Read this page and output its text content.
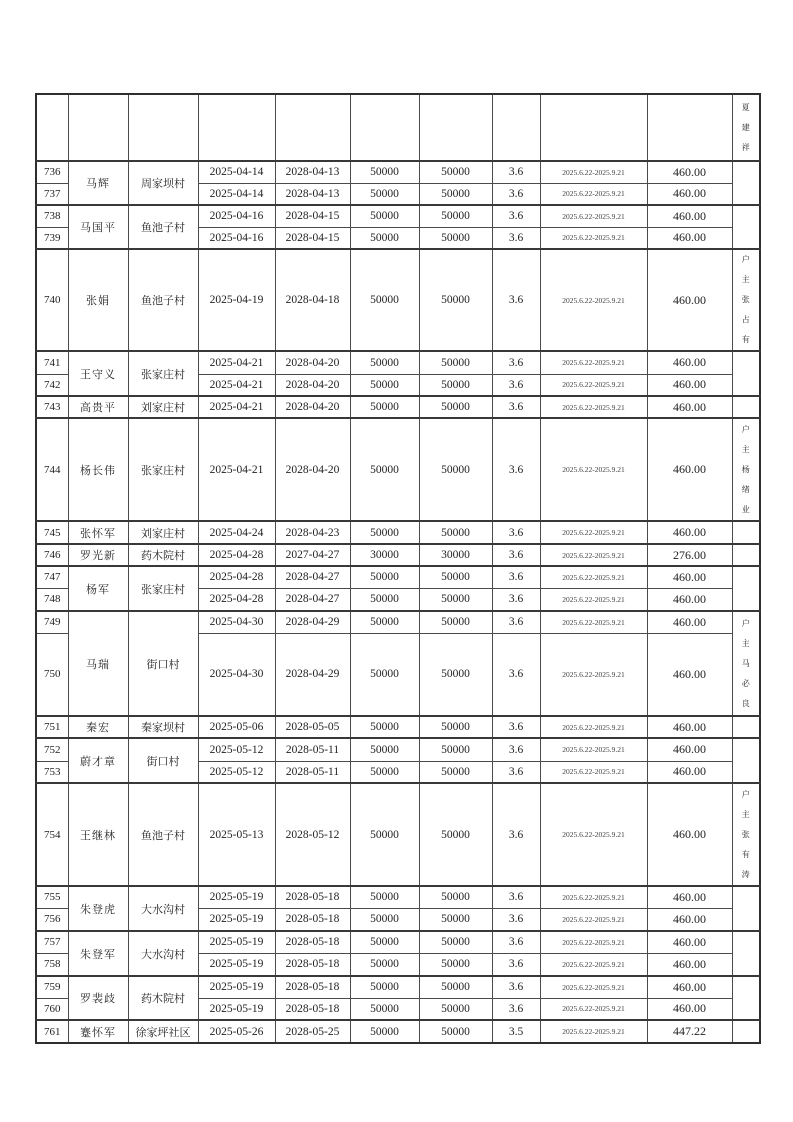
										夏
建
祥

736	马辉	周家坝村	2025-04-14	2028-04-13	50000	50000	3.6	2025.6.22-2025.9.21	460.00	
737			2025-04-14	2028-04-13	50000	50000	3.6	2025.6.22-2025.9.21	460.00	
738	马国平	鱼池子村	2025-04-16	2028-04-15	50000	50000	3.6	2025.6.22-2025.9.21	460.00	
739			2025-04-16	2028-04-15	50000	50000	3.6	2025.6.22-2025.9.21	460.00	
740	张娟	鱼池子村	2025-04-19	2028-04-18	50000	50000	3.6	2025.6.22-2025.9.21	460.00	户
主
张
占
有

741	王守义	张家庄村	2025-04-21	2028-04-20	50000	50000	3.6	2025.6.22-2025.9.21	460.00	
742			2025-04-21	2028-04-20	50000	50000	3.6	2025.6.22-2025.9.21	460.00	
743	高贵平	刘家庄村	2025-04-21	2028-04-20	50000	50000	3.6	2025.6.22-2025.9.21	460.00	
744	杨长伟	张家庄村	2025-04-21	2028-04-20	50000	50000	3.6	2025.6.22-2025.9.21	460.00	户
主
杨
绪
业

745	张怀军	刘家庄村	2025-04-24	2028-04-23	50000	50000	3.6	2025.6.22-2025.9.21	460.00	
746	罗光新	药木院村	2025-04-28	2027-04-27	30000	30000	3.6	2025.6.22-2025.9.21	276.00	
747	杨军	张家庄村	2025-04-28	2028-04-27	50000	50000	3.6	2025.6.22-2025.9.21	460.00	
748			2025-04-28	2028-04-27	50000	50000	3.6	2025.6.22-2025.9.21	460.00	
749	马瑞	街口村	2025-04-30	2028-04-29	50000	50000	3.6	2025.6.22-2025.9.21	460.00	户
主
马
必
良

750			2025-04-30	2028-04-29	50000	50000	3.6	2025.6.22-2025.9.21	460.00	
751	秦宏	秦家坝村	2025-05-06	2028-05-05	50000	50000	3.6	2025.6.22-2025.9.21	460.00	
752	蔚才章	街口村	2025-05-12	2028-05-11	50000	50000	3.6	2025.6.22-2025.9.21	460.00	
753			2025-05-12	2028-05-11	50000	50000	3.6	2025.6.22-2025.9.21	460.00	
754	王继林	鱼池子村	2025-05-13	2028-05-12	50000	50000	3.6	2025.6.22-2025.9.21	460.00	户
主
张
有
涛

755	朱登虎	大水沟村	2025-05-19	2028-05-18	50000	50000	3.6	2025.6.22-2025.9.21	460.00	
756			2025-05-19	2028-05-18	50000	50000	3.6	2025.6.22-2025.9.21	460.00	
757	朱登军	大水沟村	2025-05-19	2028-05-18	50000	50000	3.6	2025.6.22-2025.9.21	460.00	
758			2025-05-19	2028-05-18	50000	50000	3.6	2025.6.22-2025.9.21	460.00	
759	罗裴歧	药木院村	2025-05-19	2028-05-18	50000	50000	3.6	2025.6.22-2025.9.21	460.00	
760			2025-05-19	2028-05-18	50000	50000	3.6	2025.6.22-2025.9.21	460.00	
761	蹇怀军	徐家坪社区	2025-05-26	2028-05-25	50000	50000	3.5	2025.6.22-2025.9.21	447.22	
